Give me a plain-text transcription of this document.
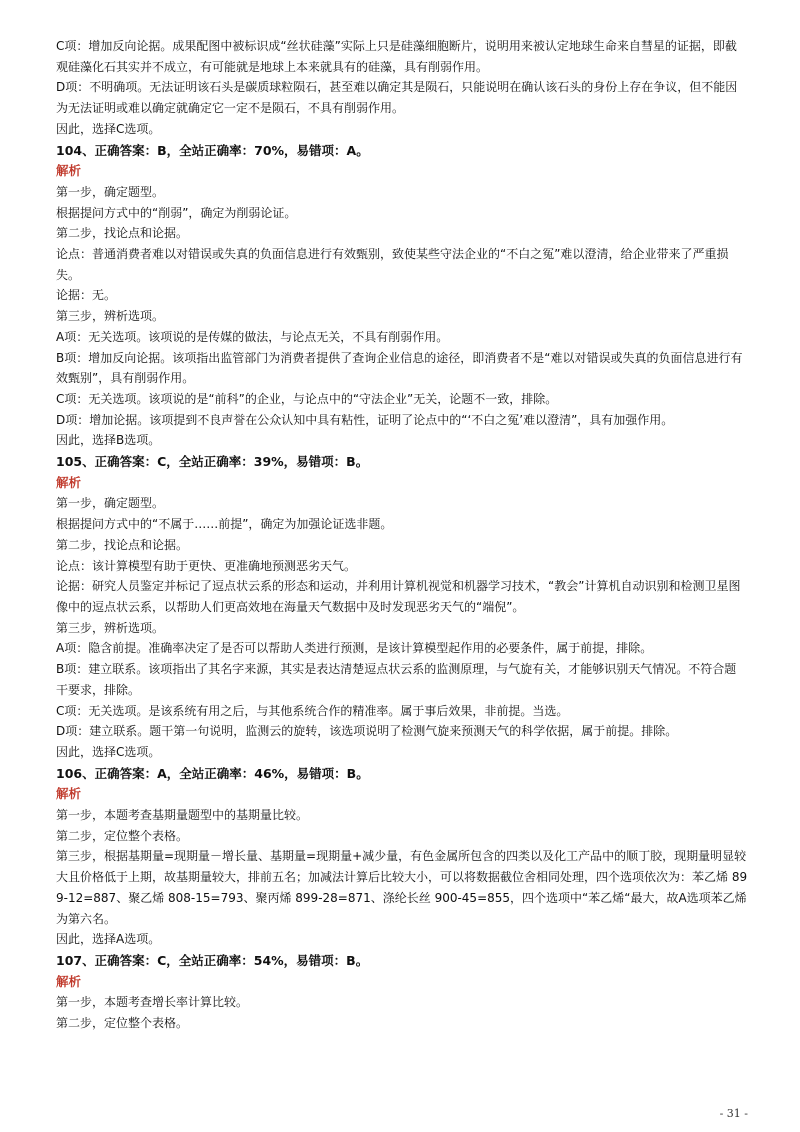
C项：增加反向论据。成果配图中被标识成“丝状硅藻”实际上只是硅藻细胞断片，说明用来被认定地球生命来自彗星的证据，即截观硅藻化石其实并不成立，有可能就是地球上本来就具有的硅藻，具有削弱作用。
D项：不明确项。无法证明该石头是碳质球粒陨石，甚至难以确定其是陨石，只能说明在确认该石头的身份上存在争议，但不能因为无法证明或难以确定就确定它一定不是陨石，不具有削弱作用。
因此，选择C选项。
104、正确答案：B，全站正确率：70%，易错项：A。
解析
第一步，确定题型。
根据提问方式中的“削弱”，确定为削弱论证。
第二步，找论点和论据。
论点：普通消费者难以对错误或失真的负面信息进行有效甄别，致使某些守法企业的“不白之冤”难以澄清，给企业带来了严重损失。
论据：无。
第三步，辨析选项。
A项：无关选项。该项说的是传媒的做法，与论点无关，不具有削弱作用。
B项：增加反向论据。该项指出监管部门为消费者提供了查询企业信息的途径，即消费者不是“难以对错误或失真的负面信息进行有效甄别”，具有削弱作用。
C项：无关选项。该项说的是“前科”的企业，与论点中的“守法企业”无关，论题不一致，排除。
D项：增加论据。该项提到不良声誉在公众认知中具有粘性，证明了论点中的“‘不白之冤’难以澄清”，具有加强作用。
因此，选择B选项。
105、正确答案：C，全站正确率：39%，易错项：B。
解析
第一步，确定题型。
根据提问方式中的“不属于……前提”，确定为加强论证选非题。
第二步，找论点和论据。
论点：该计算模型有助于更快、更准确地预测恶劣天气。
论据：研究人员鉴定并标记了逗点状云系的形态和运动，并利用计算机视觉和机器学习技术，“教会”计算机自动识别和检测卫星图像中的逗点状云系，以帮助人们更高效地在海量天气数据中及时发现恶劣天气的“端倪”。
第三步，辨析选项。
A项：隐含前提。准确率决定了是否可以帮助人类进行预测，是该计算模型起作用的必要条件，属于前提，排除。
B项：建立联系。该项指出了其名字来源，其实是表达清楚逗点状云系的监测原理，与气旋有关，才能够识别天气情况。不符合题干要求，排除。
C项：无关选项。是该系统有用之后，与其他系统合作的精准率。属于事后效果，非前提。当选。
D项：建立联系。题干第一句说明，监测云的旋转，该选项说明了检测气旋来预测天气的科学依据，属于前提。排除。
因此，选择C选项。
106、正确答案：A，全站正确率：46%，易错项：B。
解析
第一步，本题考查基期量题型中的基期量比较。
第二步，定位整个表格。
第三步，根据基期量=现期量－增长量、基期量=现期量+减少量，有色金属所包含的四类以及化工产品中的顺丁胶，现期量明显较大且价格低于上期，故基期量较大，排前五名；加减法计算后比较大小，可以将数据截位舍相同处理，四个选项依次为：苯乙烯 899-12=887、聚乙烯 808-15=793、聚丙烯 899-28=871、涤纶长丝 900-45=855，四个选项中“苯乙烯“最大，故A选项苯乙烯为第六名。
因此，选择A选项。
107、正确答案：C，全站正确率：54%，易错项：B。
解析
第一步，本题考查增长率计算比较。
第二步，定位整个表格。
- 31 -
